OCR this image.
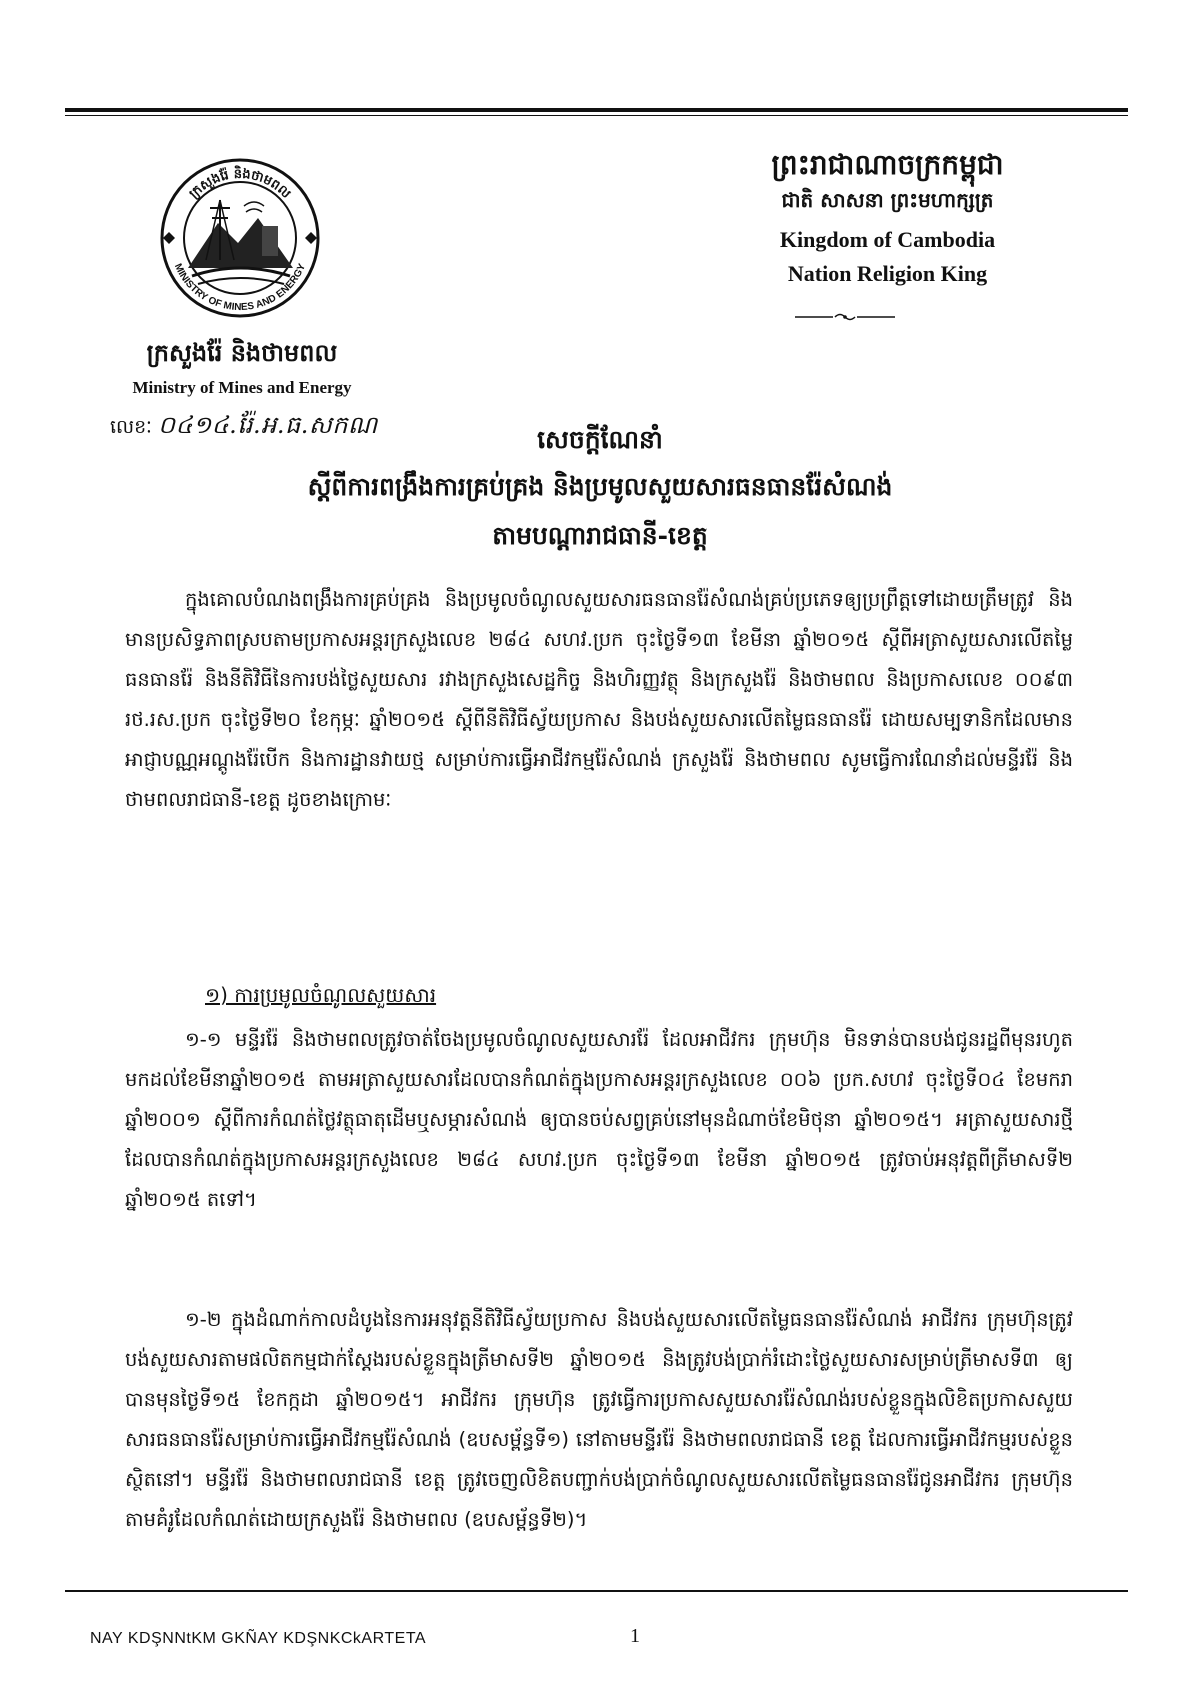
ក្រសួងរ៉ែ និងថាមពល
MINISTRY OF MINES AND ENERGY
ក្រសួងរ៉ែ និងថាមពល
Ministry of Mines and Energy
លេខៈ ០៤១៤.រ៉ែ.អ.ធ.សកណ
ព្រះរាជាណាចក្រកម្ពុជា
ជាតិ សាសនា ព្រះមហាក្សត្រ
Kingdom of Cambodia
Nation Religion King
សេចក្តីណែនាំ
ស្តីពីការពង្រឹងការគ្រប់គ្រង និងប្រមូលសួយសារធនធានរ៉ែសំណង់
តាមបណ្តារាជធានី-ខេត្ត

ក្នុងគោលបំណងពង្រឹងការគ្រប់គ្រង និងប្រមូលចំណូលសួយសារធនធានរ៉ែសំណង់គ្រប់ប្រភេទឲ្យប្រព្រឹត្តទៅដោយត្រឹមត្រូវ និងមានប្រសិទ្ធភាពស្របតាមប្រកាសអន្តរក្រសួងលេខ ២៨៤ សហវ.ប្រក ចុះថ្ងៃទី១៣ ខែមីនា ឆ្នាំ២០១៥ ស្តីពីអត្រាសួយសារលើតម្លៃធនធានរ៉ែ និងនីតិវិធីនៃការបង់ថ្លៃសួយសារ រវាងក្រសួងសេដ្ឋកិច្ច និងហិរញ្ញវត្ថុ និងក្រសួងរ៉ែ និងថាមពល និងប្រកាសលេខ ០០៩៣ រថ.រស.ប្រក ចុះថ្ងៃទី២០ ខែកុម្ភៈ ឆ្នាំ២០១៥ ស្តីពីនីតិវិធីស្វ័យប្រកាស និងបង់សួយសារលើតម្លៃធនធានរ៉ែ ដោយសម្បទានិកដែលមានអាជ្ញាបណ្ណអណ្តូងរ៉ែបើក និងការដ្ឋានវាយថ្ម សម្រាប់ការធ្វើអាជីវកម្មរ៉ែសំណង់ ក្រសួងរ៉ែ និងថាមពល សូមធ្វើការណែនាំដល់មន្ទីររ៉ែ និងថាមពលរាជធានី-ខេត្ត ដូចខាងក្រោមៈ

១) ការប្រមូលចំណូលសួយសារ

១-១ មន្ទីររ៉ែ និងថាមពលត្រូវចាត់ចែងប្រមូលចំណូលសួយសាររ៉ែ ដែលអាជីវករ ក្រុមហ៊ុន មិនទាន់បានបង់ជូនរដ្ឋពីមុនរហូតមកដល់ខែមីនាឆ្នាំ២០១៥ តាមអត្រាសួយសារដែលបានកំណត់ក្នុងប្រកាសអន្តរក្រសួងលេខ ០០៦ ប្រក.សហវ ចុះថ្ងៃទី០៤ ខែមករា ឆ្នាំ២០០១ ស្តីពីការកំណត់ថ្លៃវត្ថុធាតុដើមឬសម្ភារសំណង់ ឲ្យបានចប់សព្វគ្រប់នៅមុនដំណាច់ខែមិថុនា ឆ្នាំ២០១៥។ អត្រាសួយសារថ្មីដែលបានកំណត់ក្នុងប្រកាសអន្តរក្រសួងលេខ ២៨៤ សហវ.ប្រក ចុះថ្ងៃទី១៣ ខែមីនា ឆ្នាំ២០១៥ ត្រូវចាប់អនុវត្តពីត្រីមាសទី២ ឆ្នាំ២០១៥ តទៅ។

១-២ ក្នុងដំណាក់កាលដំបូងនៃការអនុវត្តនីតិវិធីស្វ័យប្រកាស និងបង់សួយសារលើតម្លៃធនធានរ៉ែសំណង់ អាជីវករ ក្រុមហ៊ុនត្រូវបង់សួយសារតាមផលិតកម្មជាក់ស្តែងរបស់ខ្លួនក្នុងត្រីមាសទី២ ឆ្នាំ២០១៥ និងត្រូវបង់ប្រាក់រំដោះថ្លៃសួយសារសម្រាប់ត្រីមាសទី៣ ឲ្យបានមុនថ្ងៃទី១៥ ខែកក្កដា ឆ្នាំ២០១៥។ អាជីវករ ក្រុមហ៊ុន ត្រូវធ្វើការប្រកាសសួយសាររ៉ែសំណង់របស់ខ្លួនក្នុងលិខិតប្រកាសសួយសារធនធានរ៉ែសម្រាប់ការធ្វើអាជីវកម្មរ៉ែសំណង់ (ឧបសម្ព័ន្ធទី១) នៅតាមមន្ទីររ៉ែ និងថាមពលរាជធានី ខេត្ត ដែលការធ្វើអាជីវកម្មរបស់ខ្លួនស្ថិតនៅ។ មន្ទីររ៉ែ និងថាមពលរាជធានី ខេត្ត ត្រូវចេញលិខិតបញ្ជាក់បង់ប្រាក់ចំណូលសួយសារលើតម្លៃធនធានរ៉ែជូនអាជីវករ ក្រុមហ៊ុន តាមគំរូដែលកំណត់ដោយក្រសួងរ៉ែ និងថាមពល (ឧបសម្ព័ន្ធទី២)។

NAY KDŞNNtKM GKÑAY KDŞNKCkARTETA	1
